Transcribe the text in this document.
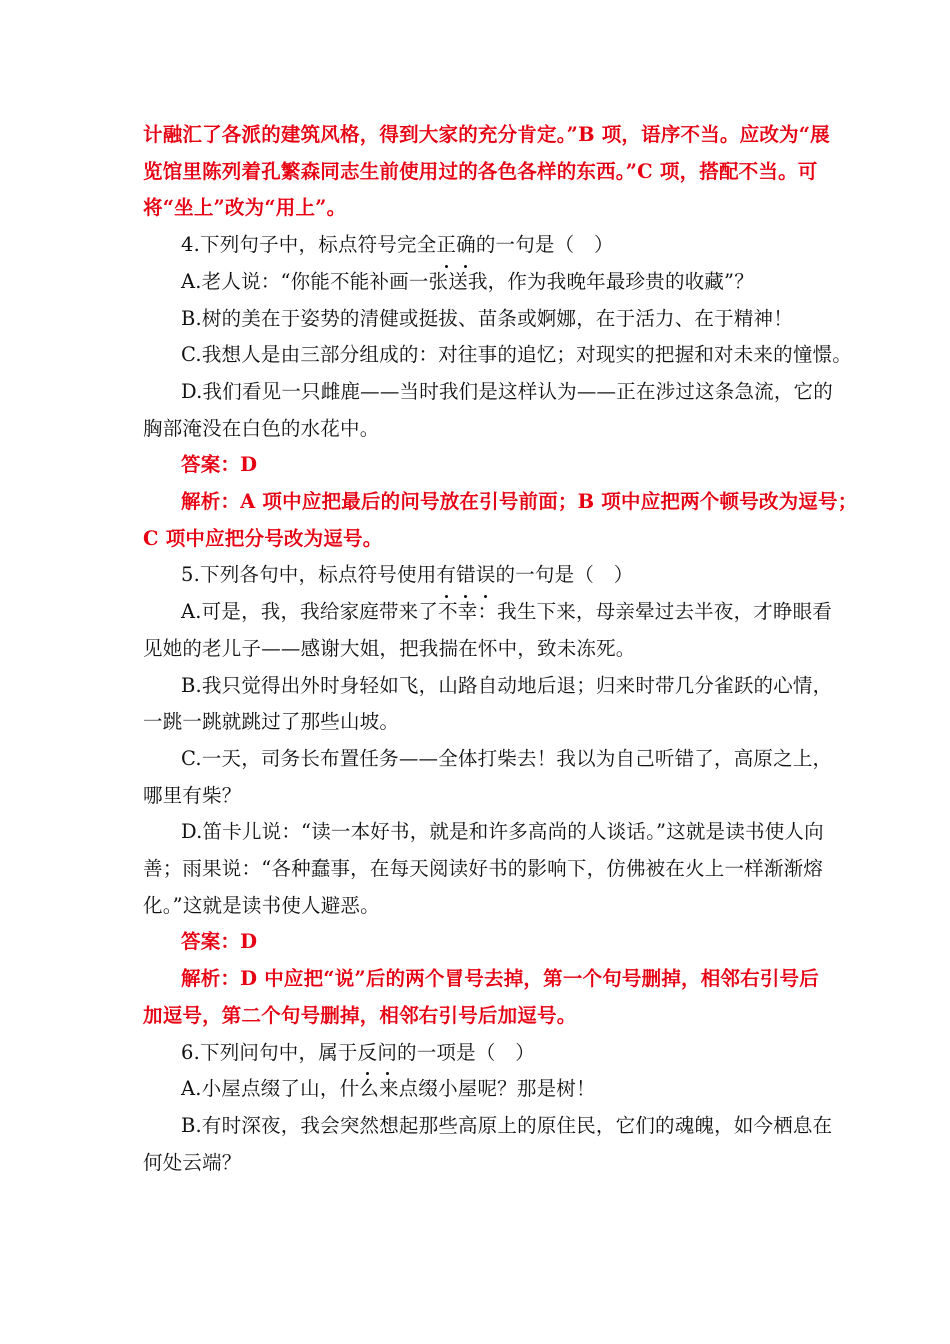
计融汇了各派的建筑风格，得到大家的充分肯定。”B 项，语序不当。应改为“展
览馆里陈列着孔繁森同志生前使用过的各色各样的东西。”C 项，搭配不当。可
将“坐上”改为“用上”。
4.下列句子中，标点符号完全正确的一句是（　）
A.老人说：“你能不能补画一张送我，作为我晚年最珍贵的收藏”？
B.树的美在于姿势的清健或挺拔、苗条或婀娜，在于活力、在于精神！
C.我想人是由三部分组成的：对往事的追忆；对现实的把握和对未来的憧憬。
D.我们看见一只雌鹿——当时我们是这样认为——正在涉过这条急流，它的
胸部淹没在白色的水花中。
答案：D
解析：A 项中应把最后的问号放在引号前面；B 项中应把两个顿号改为逗号；
C 项中应把分号改为逗号。
5.下列各句中，标点符号使用有错误的一句是（　）
A.可是，我，我给家庭带来了不幸：我生下来，母亲晕过去半夜，才睁眼看
见她的老儿子——感谢大姐，把我揣在怀中，致未冻死。
B.我只觉得出外时身轻如飞，山路自动地后退；归来时带几分雀跃的心情，
一跳一跳就跳过了那些山坡。
C.一天，司务长布置任务——全体打柴去！我以为自己听错了，高原之上，
哪里有柴？
D.笛卡儿说：“读一本好书，就是和许多高尚的人谈话。”这就是读书使人向
善；雨果说：“各种蠢事，在每天阅读好书的影响下，仿佛被在火上一样渐渐熔
化。”这就是读书使人避恶。
答案：D
解析：D 中应把“说”后的两个冒号去掉，第一个句号删掉，相邻右引号后
加逗号，第二个句号删掉，相邻右引号后加逗号。
6.下列问句中，属于反问的一项是（　）
A.小屋点缀了山，什么来点缀小屋呢？那是树！
B.有时深夜，我会突然想起那些高原上的原住民，它们的魂魄，如今栖息在
何处云端？
